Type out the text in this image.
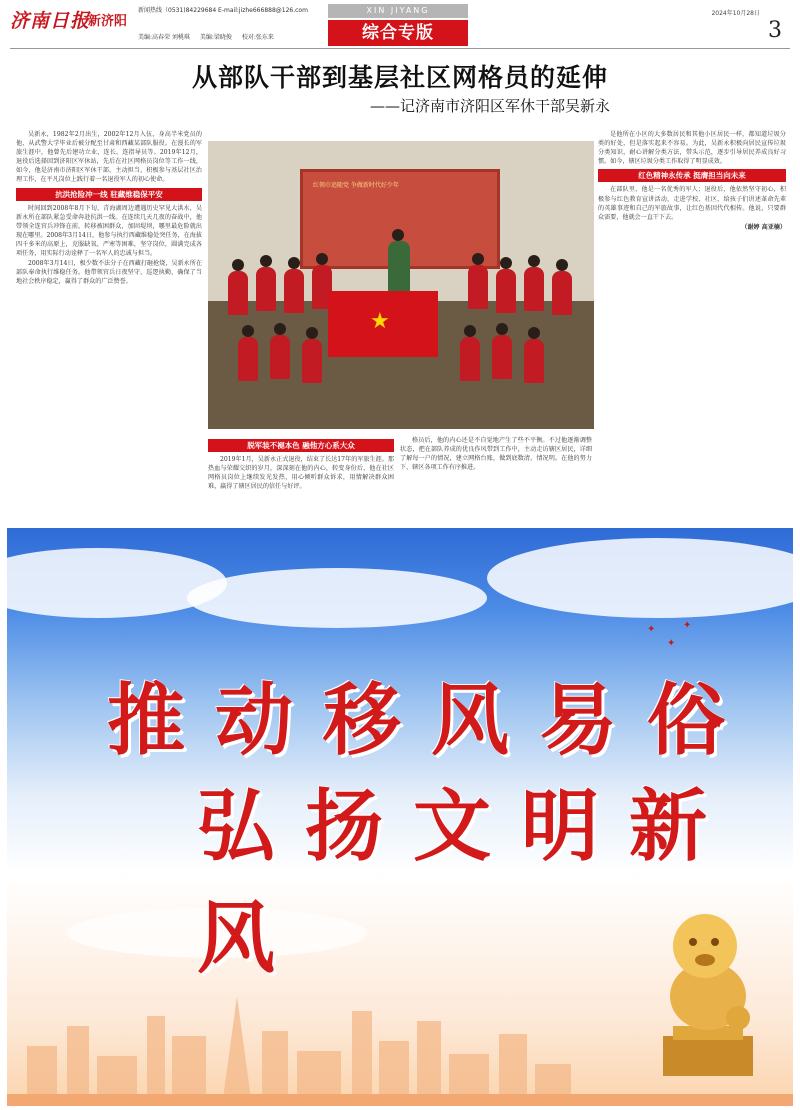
济南日报
新济阳
新闻热线（0531)84229684 E-mail:jizhe666888@126.com
美编:高春荣 刘桃琪 美编:梁晓俊 校对:张东来
XIN JIYANG
综合专版
2024年10月28日
3
从部队干部到基层社区网格员的延伸
——记济南市济阳区军休干部吴新永

吴新永，1982年2月出生，2002年12月入伍，身高半米党员的他，从武警大学毕业后被分配至甘肃和西藏某部队服役。在漫长的军旅生涯中，他曾先后建功立业，连长、连指导员等。2019年12月，退役后选择回到济阳区军休站，先后在社区网格员岗位等工作一线，如今，他是济南市济阳区军休干部，主动担当，积极参与基层社区治理工作，在平凡岗位上践行着一名退役军人的初心使命。

抗洪抢险冲一线 驻藏维稳保平安

时间回到2008年8月下旬，青海湖周边遭遇历史罕见大洪水，吴新永所在部队紧急受命奔赴抗洪一线。在连续几天几夜的奋战中，他带领全连官兵冲锋在前，转移被困群众，加固堤坝，哪里最危险就出现在哪里。2008年3月14日，他参与执行西藏维稳处突任务，在海拔四千多米的高原上，克服缺氧、严寒等困难，坚守岗位，圆满完成各项任务，用实际行动诠释了一名军人的忠诚与担当。

2008年3月14日，极少数不法分子在西藏打砸抢烧，吴新永所在部队奉命执行维稳任务。他带领官兵日夜坚守，巡逻执勤，确保了当地社会秩序稳定，赢得了群众的广泛赞誉。

红领巾追随党 争做新时代好少年
★
脱军装不褪本色 融他方心系大众

2019年1月，吴新永正式退役，结束了长达17年的军旅生涯。那热血与荣耀交织的岁月，深深刻在他的内心，转变身份后，他在社区网格员岗位上继续发光发热，用心倾听群众诉求，用情解决群众困难，赢得了辖区居民的信任与好评。

格员后，他的内心还是不自觉地产生了些不平衡。不过他逐渐调整状态，把在部队养成的优良作风带到工作中，主动走访辖区居民，详细了解每一户的情况，建立网格台账，做到底数清、情况明。在他的努力下，辖区各项工作有序推进。

是他所在小区的大多数居民和其他小区居民一样，都知道垃圾分类的好处，但是落实起来不容易。为此，吴新永积极向居民宣传垃圾分类知识，耐心讲解分类方法，带头示范，逐步引导居民养成良好习惯。如今，辖区垃圾分类工作取得了明显成效。

红色精神永传承 挺膺担当向未来

在部队里，他是一名优秀的军人；退役后，他依然坚守初心，积极参与红色教育宣讲活动，走进学校、社区，给孩子们讲述革命先辈的英雄事迹和自己的军旅故事，让红色基因代代相传。他说，只要群众需要，他就会一直干下去。

（谢婷 高亚楠）

✦
✦
✦
推动移风易俗
弘扬文明新风
